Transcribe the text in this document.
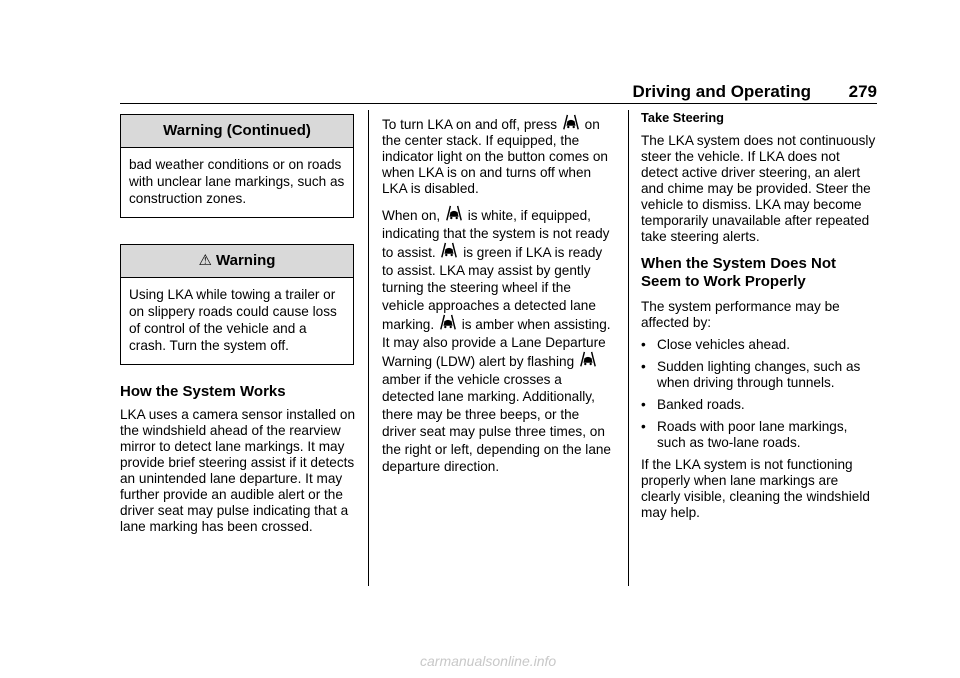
Driving and Operating 279
Warning (Continued)
bad weather conditions or on roads with unclear lane markings, such as construction zones.
⚠ Warning
Using LKA while towing a trailer or on slippery roads could cause loss of control of the vehicle and a crash. Turn the system off.
How the System Works

LKA uses a camera sensor installed on the windshield ahead of the rearview mirror to detect lane markings. It may provide brief steering assist if it detects an unintended lane departure. It may further provide an audible alert or the driver seat may pulse indicating that a lane marking has been crossed.

To turn LKA on and off, press on the center stack. If equipped, the indicator light on the button comes on when LKA is on and turns off when LKA is disabled.

When on, is white, if equipped, indicating that the system is not ready to assist. is green if LKA is ready to assist. LKA may assist by gently turning the steering wheel if the vehicle approaches a detected lane marking. is amber when assisting. It may also provide a Lane Departure Warning (LDW) alert by flashing  amber if the vehicle crosses a detected lane marking. Additionally, there may be three beeps, or the driver seat may pulse three times, on the right or left, depending on the lane departure direction.

Take Steering

The LKA system does not continuously steer the vehicle. If LKA does not detect active driver steering, an alert and chime may be provided. Steer the vehicle to dismiss. LKA may become temporarily unavailable after repeated take steering alerts.

When the System Does Not Seem to Work Properly

The system performance may be affected by:

• Close vehicles ahead.
• Sudden lighting changes, such as when driving through tunnels.
• Banked roads.
• Roads with poor lane markings, such as two-lane roads.

If the LKA system is not functioning properly when lane markings are clearly visible, cleaning the windshield may help.

carmanualsonline.info
